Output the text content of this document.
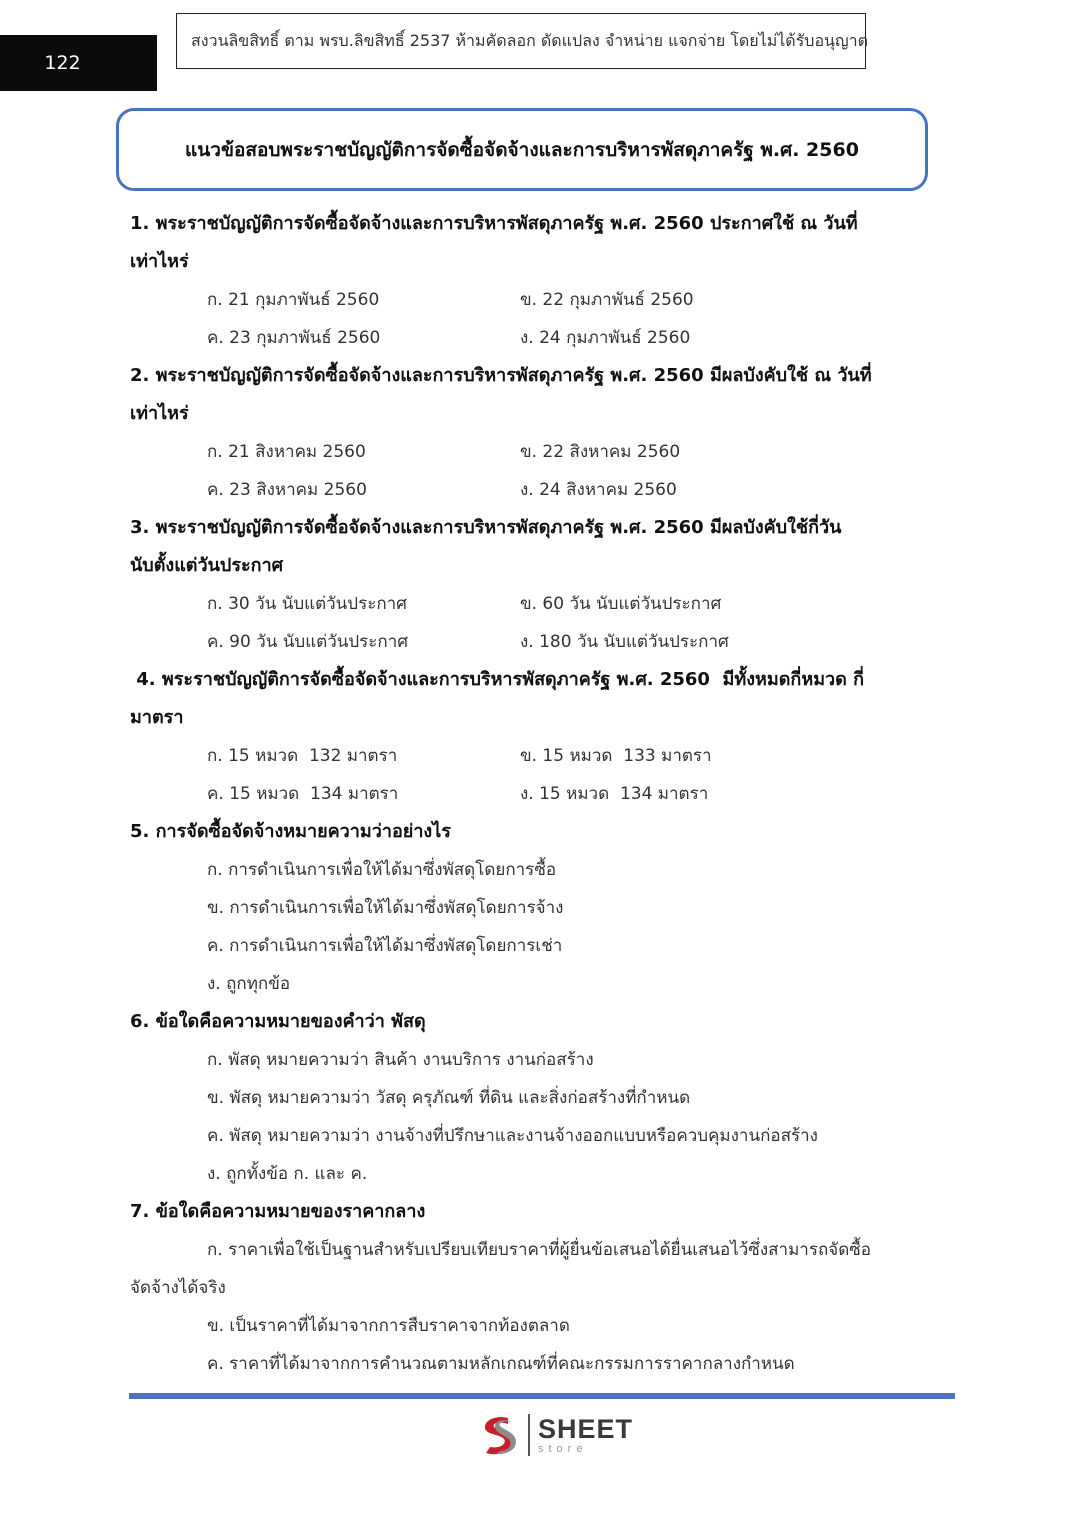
122
สงวนลิขสิทธิ์ ตาม พรบ.ลิขสิทธิ์ 2537 ห้ามคัดลอก ดัดแปลง จำหน่าย แจกจ่าย โดยไม่ได้รับอนุญาต
แนวข้อสอบพระราชบัญญัติการจัดซื้อจัดจ้างและการบริหารพัสดุภาครัฐ พ.ศ. 2560
1. พระราชบัญญัติการจัดซื้อจัดจ้างและการบริหารพัสดุภาครัฐ พ.ศ. 2560 ประกาศใช้ ณ วันที่
เท่าไหร่
ก. 21 กุมภาพันธ์ 2560	ข. 22 กุมภาพันธ์ 2560
ค. 23 กุมภาพันธ์ 2560	ง. 24 กุมภาพันธ์ 2560
2. พระราชบัญญัติการจัดซื้อจัดจ้างและการบริหารพัสดุภาครัฐ พ.ศ. 2560 มีผลบังคับใช้ ณ วันที่
เท่าไหร่
ก. 21 สิงหาคม 2560	ข. 22 สิงหาคม 2560
ค. 23 สิงหาคม 2560	ง. 24 สิงหาคม 2560
3. พระราชบัญญัติการจัดซื้อจัดจ้างและการบริหารพัสดุภาครัฐ พ.ศ. 2560 มีผลบังคับใช้กี่วัน
นับตั้งแต่วันประกาศ
ก. 30 วัน นับแต่วันประกาศ	ข. 60 วัน นับแต่วันประกาศ
ค. 90 วัน นับแต่วันประกาศ	ง. 180 วัน นับแต่วันประกาศ
4. พระราชบัญญัติการจัดซื้อจัดจ้างและการบริหารพัสดุภาครัฐ พ.ศ. 2560  มีทั้งหมดกี่หมวด กี่
มาตรา
ก. 15 หมวด  132 มาตรา	ข. 15 หมวด  133 มาตรา
ค. 15 หมวด  134 มาตรา	ง. 15 หมวด  134 มาตรา
5. การจัดซื้อจัดจ้างหมายความว่าอย่างไร
ก. การดำเนินการเพื่อให้ได้มาซึ่งพัสดุโดยการซื้อ
ข. การดำเนินการเพื่อให้ได้มาซึ่งพัสดุโดยการจ้าง
ค. การดำเนินการเพื่อให้ได้มาซึ่งพัสดุโดยการเช่า
ง. ถูกทุกข้อ
6. ข้อใดคือความหมายของคำว่า พัสดุ
ก. พัสดุ หมายความว่า สินค้า งานบริการ งานก่อสร้าง
ข. พัสดุ หมายความว่า วัสดุ ครุภัณฑ์ ที่ดิน และสิ่งก่อสร้างที่กำหนด
ค. พัสดุ หมายความว่า งานจ้างที่ปรึกษาและงานจ้างออกแบบหรือควบคุมงานก่อสร้าง
ง. ถูกทั้งข้อ ก. และ ค.
7. ข้อใดคือความหมายของราคากลาง
ก. ราคาเพื่อใช้เป็นฐานสำหรับเปรียบเทียบราคาที่ผู้ยื่นข้อเสนอได้ยื่นเสนอไว้ซึ่งสามารถจัดซื้อ
จัดจ้างได้จริง
ข. เป็นราคาที่ได้มาจากการสืบราคาจากท้องตลาด
ค. ราคาที่ได้มาจากการคำนวณตามหลักเกณฑ์ที่คณะกรรมการราคากลางกำหนด
SHEET
store
